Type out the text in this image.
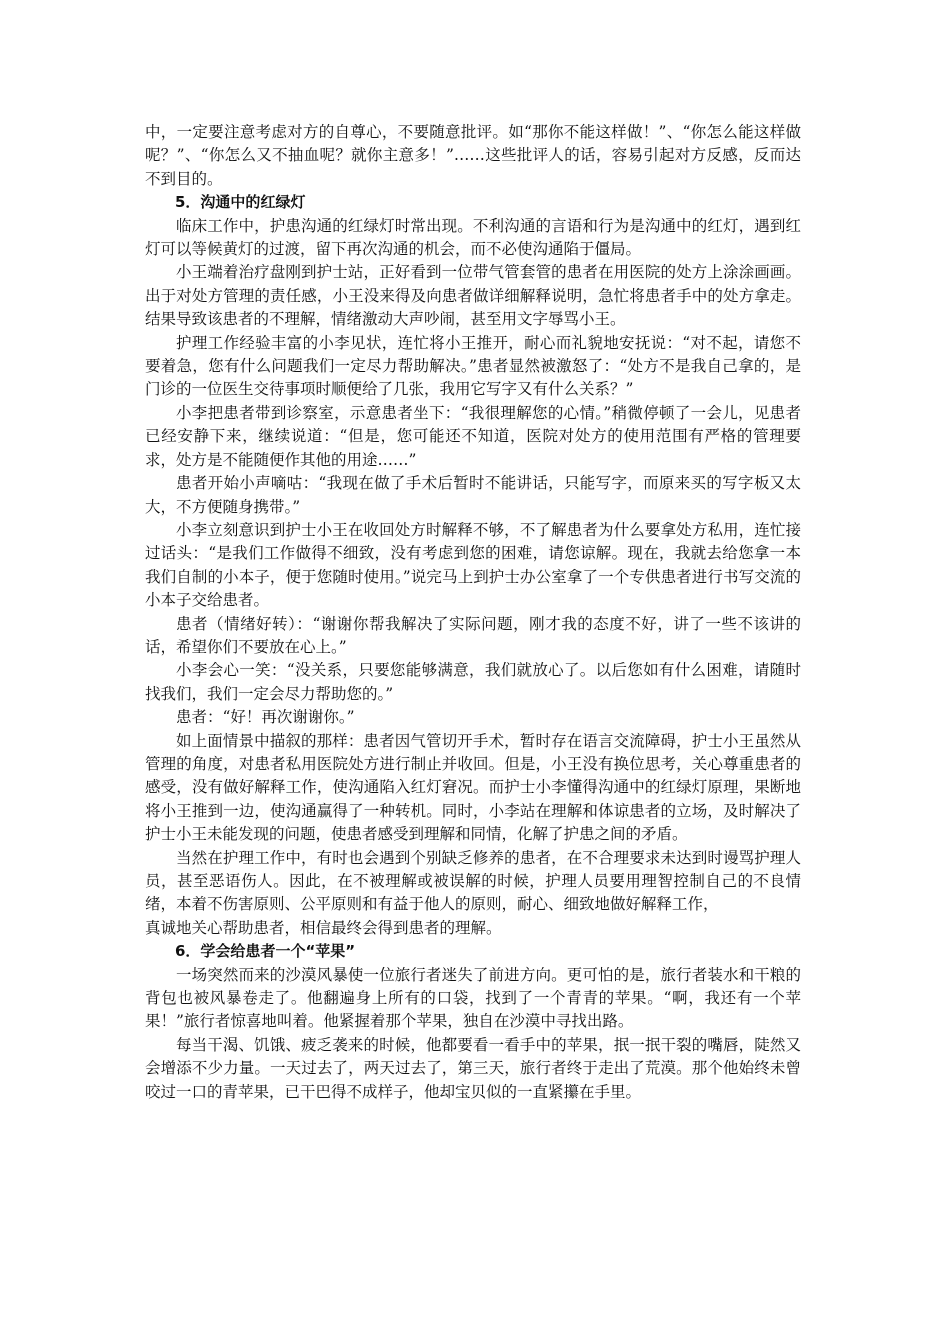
中，一定要注意考虑对方的自尊心，不要随意批评。如“那你不能这样做！”、“你怎么能这样做呢？”、“你怎么又不抽血呢？就你主意多！”……这些批评人的话，容易引起对方反感，反而达不到目的。

5．沟通中的红绿灯

临床工作中，护患沟通的红绿灯时常出现。不利沟通的言语和行为是沟通中的红灯，遇到红灯可以等候黄灯的过渡，留下再次沟通的机会，而不必使沟通陷于僵局。

小王端着治疗盘刚到护士站，正好看到一位带气管套管的患者在用医院的处方上涂涂画画。出于对处方管理的责任感，小王没来得及向患者做详细解释说明，急忙将患者手中的处方拿走。结果导致该患者的不理解，情绪激动大声吵闹，甚至用文字辱骂小王。

护理工作经验丰富的小李见状，连忙将小王推开，耐心而礼貌地安抚说：“对不起，请您不要着急，您有什么问题我们一定尽力帮助解决。”患者显然被激怒了：“处方不是我自己拿的，是门诊的一位医生交待事项时顺便给了几张，我用它写字又有什么关系？”

小李把患者带到诊察室，示意患者坐下：“我很理解您的心情。”稍微停顿了一会儿，见患者已经安静下来，继续说道：“但是，您可能还不知道，医院对处方的使用范围有严格的管理要求，处方是不能随便作其他的用途……”

患者开始小声嘀咕：“我现在做了手术后暂时不能讲话，只能写字，而原来买的写字板又太大，不方便随身携带。”

小李立刻意识到护士小王在收回处方时解释不够，不了解患者为什么要拿处方私用，连忙接过话头：“是我们工作做得不细致，没有考虑到您的困难，请您谅解。现在，我就去给您拿一本我们自制的小本子，便于您随时使用。”说完马上到护士办公室拿了一个专供患者进行书写交流的小本子交给患者。

患者（情绪好转）：“谢谢你帮我解决了实际问题，刚才我的态度不好，讲了一些不该讲的话，希望你们不要放在心上。”

小李会心一笑：“没关系，只要您能够满意，我们就放心了。以后您如有什么困难，请随时找我们，我们一定会尽力帮助您的。”

患者：“好！再次谢谢你。”

如上面情景中描叙的那样：患者因气管切开手术，暂时存在语言交流障碍，护士小王虽然从管理的角度，对患者私用医院处方进行制止并收回。但是，小王没有换位思考，关心尊重患者的感受，没有做好解释工作，使沟通陷入红灯窘况。而护士小李懂得沟通中的红绿灯原理，果断地将小王推到一边，使沟通赢得了一种转机。同时，小李站在理解和体谅患者的立场，及时解决了护士小王未能发现的问题，使患者感受到理解和同情，化解了护患之间的矛盾。

当然在护理工作中，有时也会遇到个别缺乏修养的患者，在不合理要求未达到时谩骂护理人员，甚至恶语伤人。因此，在不被理解或被误解的时候，护理人员要用理智控制自己的不良情绪，本着不伤害原则、公平原则和有益于他人的原则，耐心、细致地做好解释工作，

真诚地关心帮助患者，相信最终会得到患者的理解。

6．学会给患者一个“苹果”

一场突然而来的沙漠风暴使一位旅行者迷失了前进方向。更可怕的是，旅行者装水和干粮的背包也被风暴卷走了。他翻遍身上所有的口袋，找到了一个青青的苹果。“啊，我还有一个苹果！”旅行者惊喜地叫着。他紧握着那个苹果，独自在沙漠中寻找出路。

每当干渴、饥饿、疲乏袭来的时候，他都要看一看手中的苹果，抿一抿干裂的嘴唇，陡然又会增添不少力量。一天过去了，两天过去了，第三天，旅行者终于走出了荒漠。那个他始终未曾咬过一口的青苹果，已干巴得不成样子，他却宝贝似的一直紧攥在手里。
